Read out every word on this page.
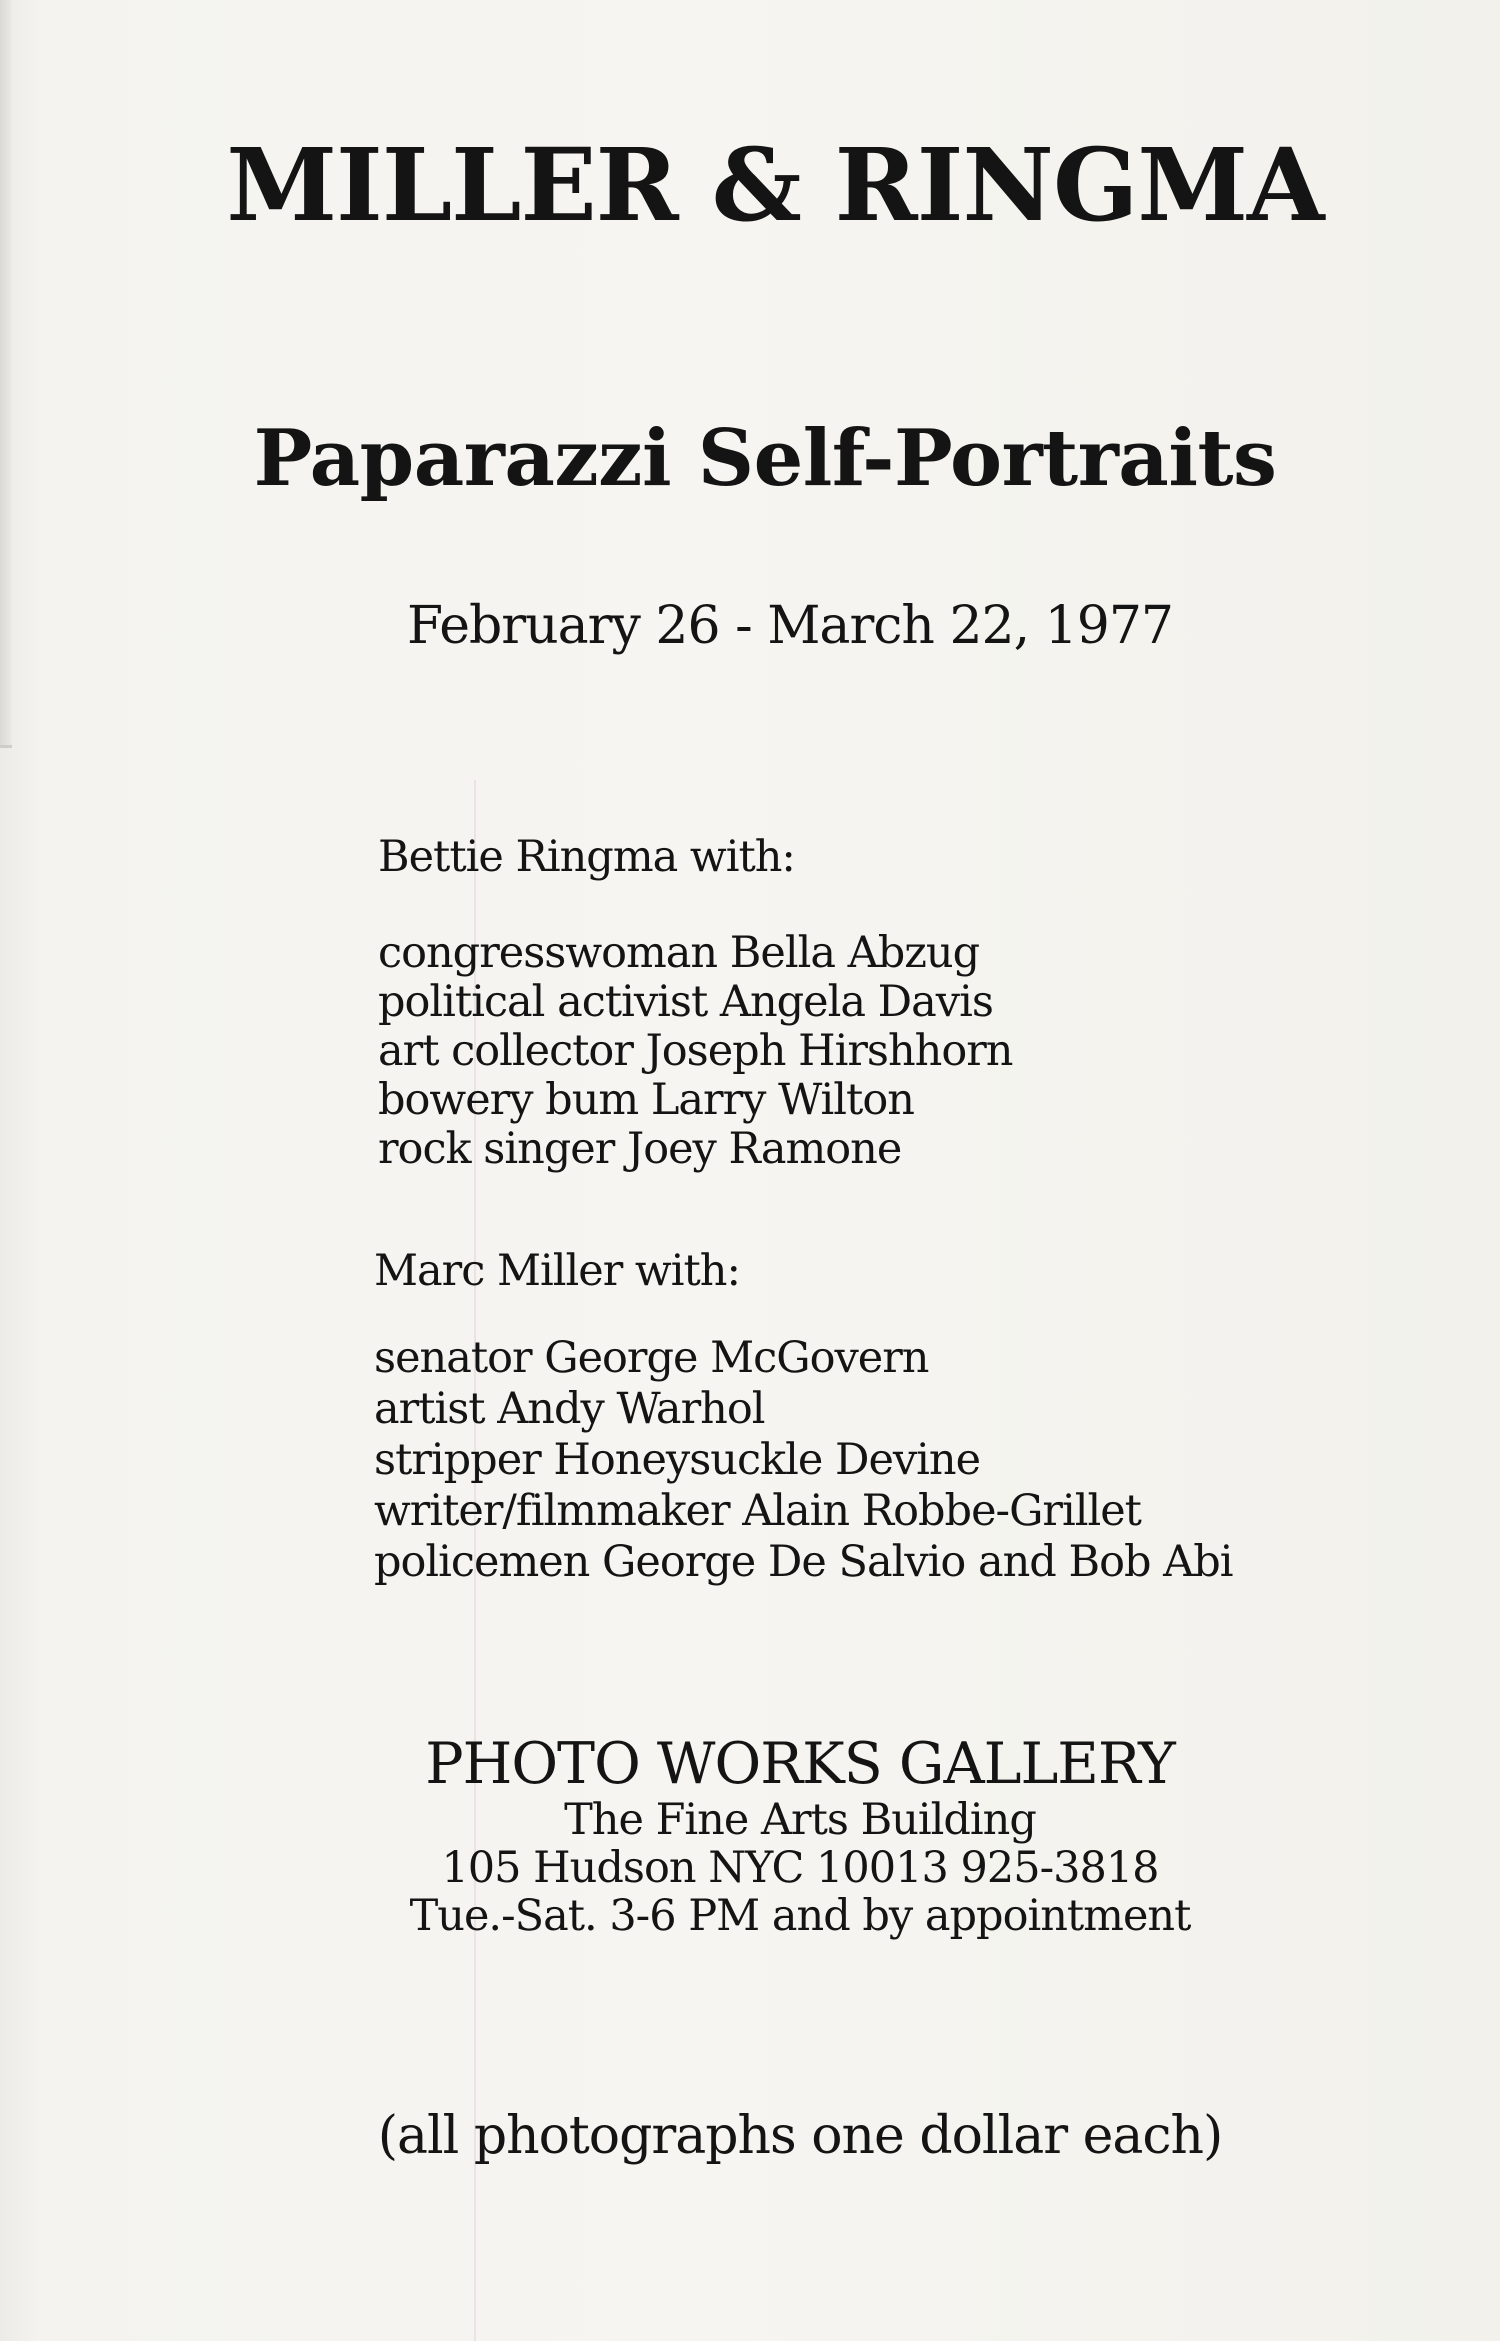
MILLER & RINGMA
Paparazzi Self-Portraits
February 26 - March 22, 1977
Bettie Ringma with:
congresswoman Bella Abzug
political activist Angela Davis
art collector Joseph Hirshhorn
bowery bum Larry Wilton
rock singer Joey Ramone
Marc Miller with:
senator George McGovern
artist Andy Warhol
stripper Honeysuckle Devine
writer/filmmaker Alain Robbe-Grillet
policemen George De Salvio and Bob Abi
PHOTO WORKS GALLERY
The Fine Arts Building
105 Hudson NYC 10013 925-3818
Tue.-Sat. 3-6 PM and by appointment
(all photographs one dollar each)
